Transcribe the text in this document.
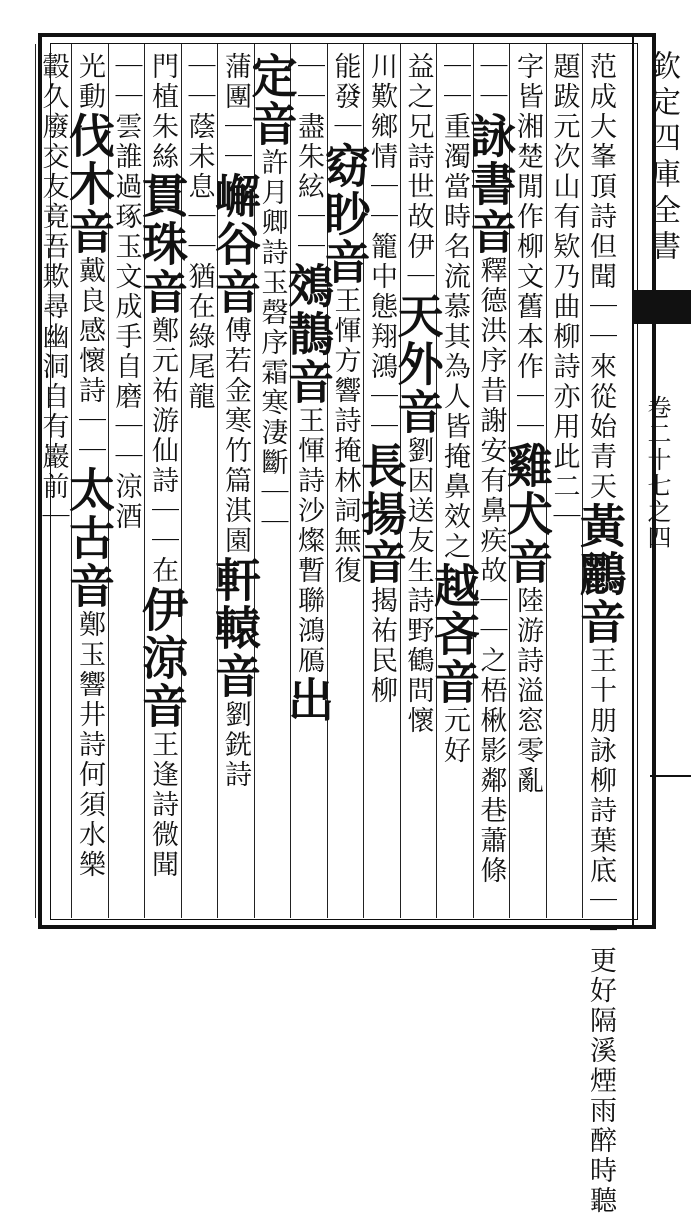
欽定四庫全書
卷二十七之四
范成大峯頂詩但聞｜｜來從始青天黃鸝音王十朋詠柳詩葉底｜｜更好隔溪煙雨醉時聽
題跋元次山有欵乃曲柳詩亦用此二｜
字皆湘楚閒作柳文舊本作｜｜雞犬音陸游詩溢窓零亂
｜｜詠書音釋德洪序昔謝安有鼻疾故｜｜之梧楸影鄰巷蕭條
｜｜重濁當時名流慕其為人皆掩鼻效之越吝音元好
益之兄詩世故伊｜天外音劉因送友生詩野鶴問懷
川歎鄉情｜｜籠中態翔鴻｜｜長揚音揭祐民柳
能發｜窈眇音王惲方響詩掩林詞無復
｜｜盡朱絃｜｜鵁鶄音王惲詩沙燦暫聯鴻鴈出
定音許月卿詩玉磬序霜寒淒斷｜｜
蒲團｜｜嶰谷音傅若金寒竹篇淇園軒轅音劉銑詩
｜｜蔭未息｜｜猶在綠尾龍
門植朱絲貫珠音鄭元祐游仙詩｜｜在伊涼音王逢詩微聞
｜｜雲誰過琢玉文成手自磨｜｜涼酒
光動伐木音戴良感懷詩｜｜太古音鄭玉響井詩何須水樂
轂久廢交友竟吾欺尋幽洞自有巖前｜
